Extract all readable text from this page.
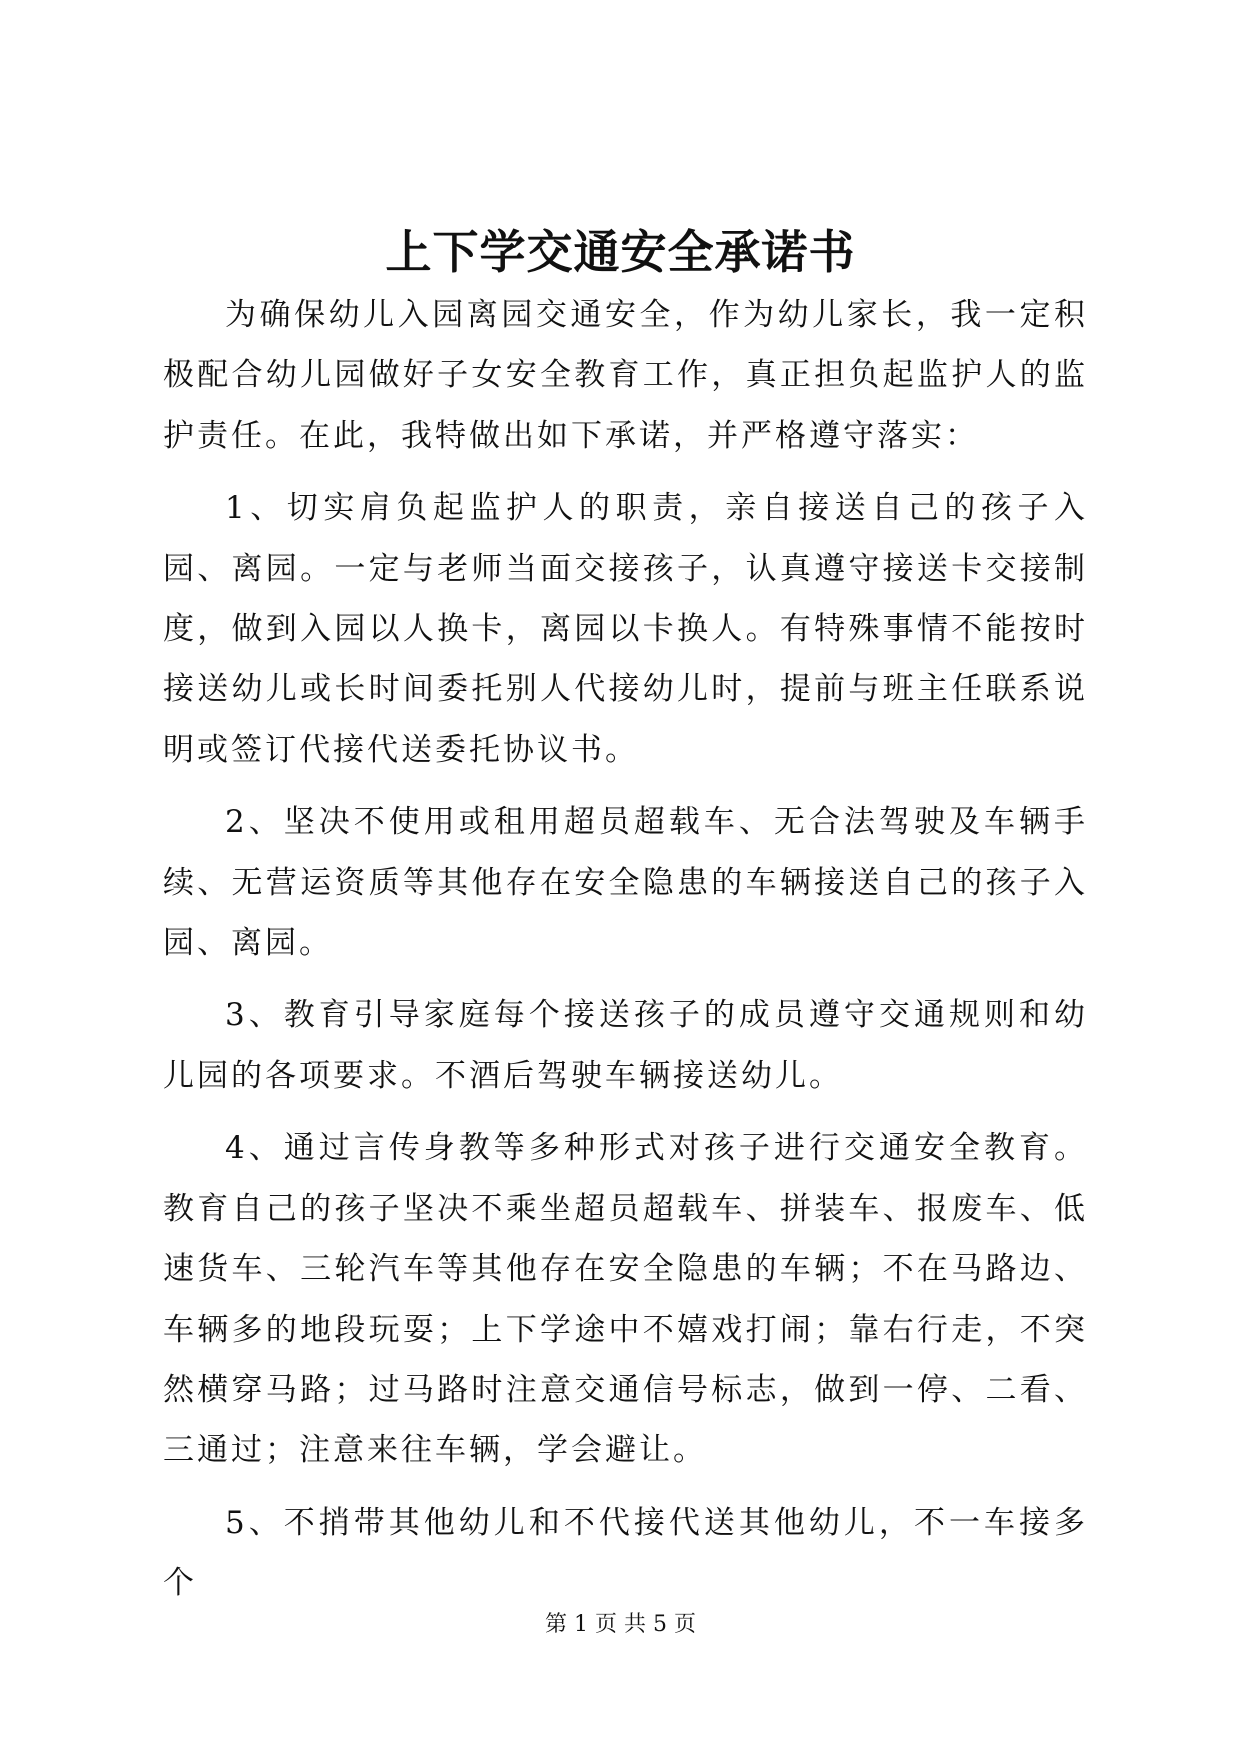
上下学交通安全承诺书

为确保幼儿入园离园交通安全，作为幼儿家长，我一定积极配合幼儿园做好子女安全教育工作，真正担负起监护人的监护责任。在此，我特做出如下承诺，并严格遵守落实：

1、切实肩负起监护人的职责，亲自接送自己的孩子入园、离园。一定与老师当面交接孩子，认真遵守接送卡交接制度，做到入园以人换卡，离园以卡换人。有特殊事情不能按时接送幼儿或长时间委托别人代接幼儿时，提前与班主任联系说明或签订代接代送委托协议书。

2、坚决不使用或租用超员超载车、无合法驾驶及车辆手续、无营运资质等其他存在安全隐患的车辆接送自己的孩子入园、离园。

3、教育引导家庭每个接送孩子的成员遵守交通规则和幼儿园的各项要求。不酒后驾驶车辆接送幼儿。

4、通过言传身教等多种形式对孩子进行交通安全教育。教育自己的孩子坚决不乘坐超员超载车、拼装车、报废车、低速货车、三轮汽车等其他存在安全隐患的车辆；不在马路边、车辆多的地段玩耍；上下学途中不嬉戏打闹；靠右行走，不突然横穿马路；过马路时注意交通信号标志，做到一停、二看、三通过；注意来往车辆，学会避让。

5、不捎带其他幼儿和不代接代送其他幼儿，不一车接多个

第 1 页 共 5 页
